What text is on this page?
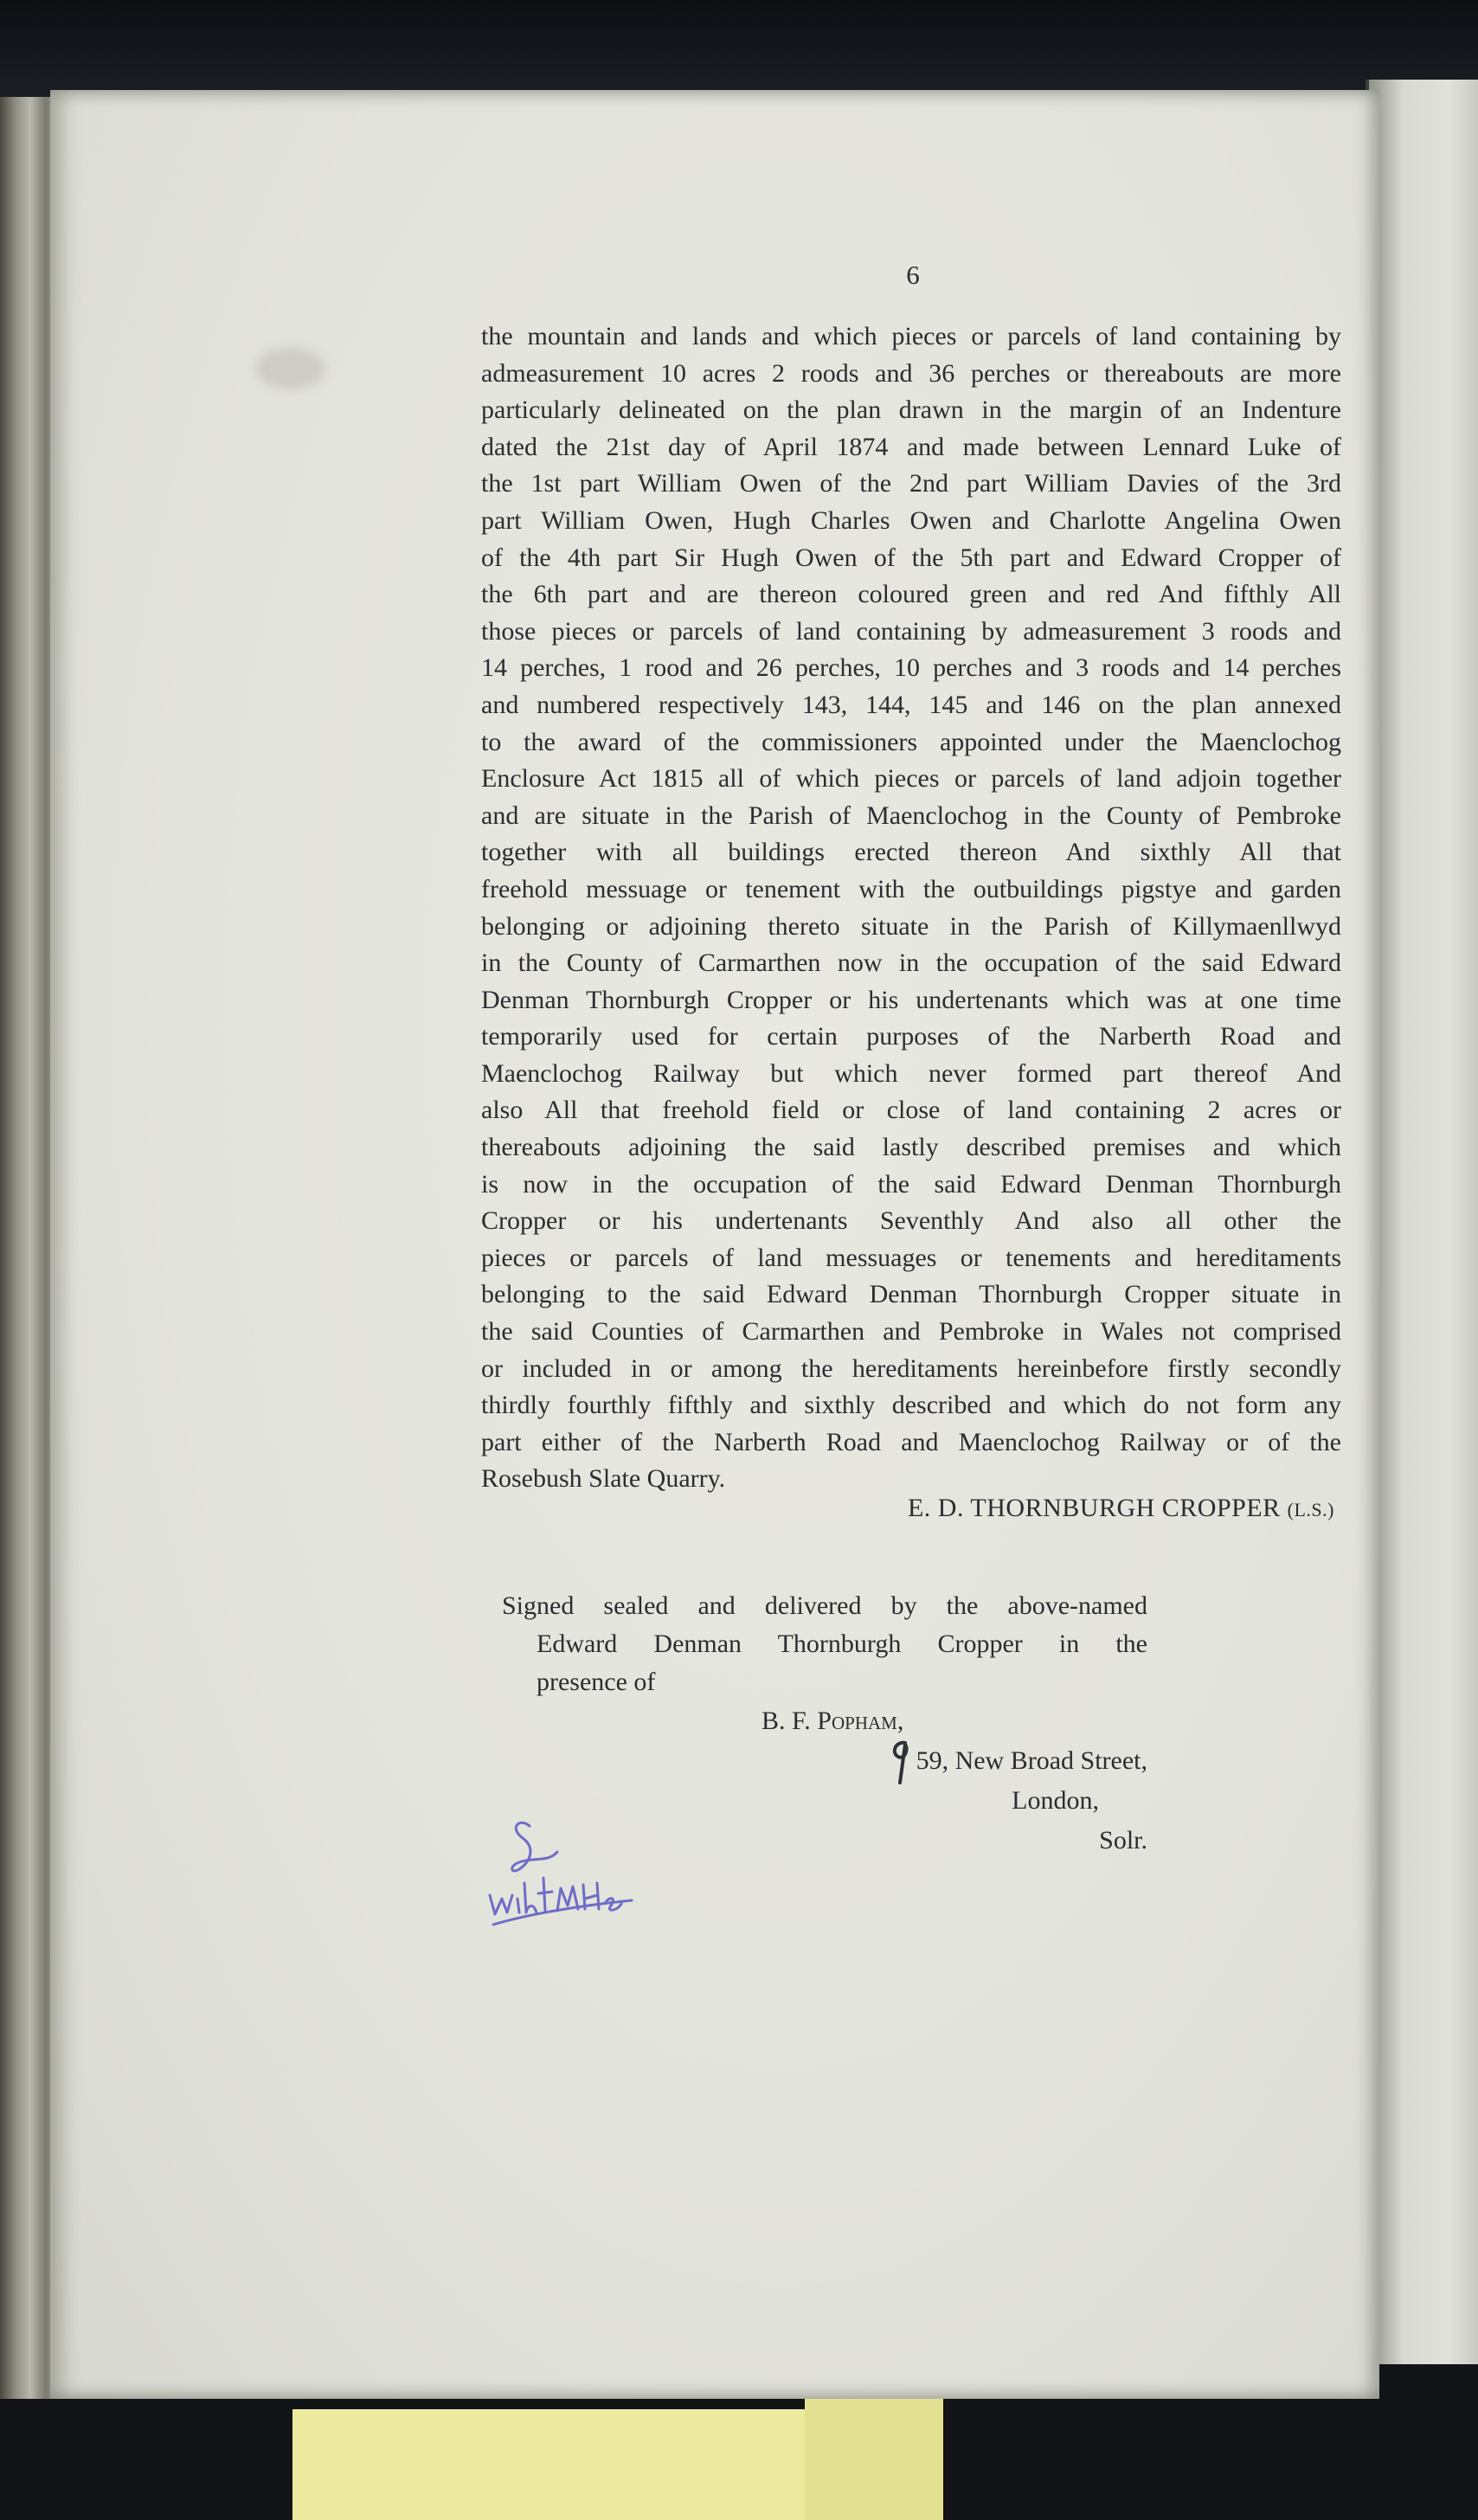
6
the mountain and lands and which pieces or parcels of land containing by
admeasurement 10 acres 2 roods and 36 perches or thereabouts are more
particularly delineated on the plan drawn in the margin of an Indenture
dated the 21st day of April 1874 and made between Lennard Luke of
the 1st part William Owen of the 2nd part William Davies of the 3rd
part William Owen, Hugh Charles Owen and Charlotte Angelina Owen
of the 4th part Sir Hugh Owen of the 5th part and Edward Cropper of
the 6th part and are thereon coloured green and red And fifthly All
those pieces or parcels of land containing by admeasurement 3 roods and
14 perches, 1 rood and 26 perches, 10 perches and 3 roods and 14 perches
and numbered respectively 143, 144, 145 and 146 on the plan annexed
to the award of the commissioners appointed under the Maenclochog
Enclosure Act 1815 all of which pieces or parcels of land adjoin together
and are situate in the Parish of Maenclochog in the County of Pembroke
together with all buildings erected thereon And sixthly All that
freehold messuage or tenement with the outbuildings pigstye and garden
belonging or adjoining thereto situate in the Parish of Killymaenllwyd
in the County of Carmarthen now in the occupation of the said Edward
Denman Thornburgh Cropper or his undertenants which was at one time
temporarily used for certain purposes of the Narberth Road and
Maenclochog Railway but which never formed part thereof And
also All that freehold field or close of land containing 2 acres or
thereabouts adjoining the said lastly described premises and which
is now in the occupation of the said Edward Denman Thornburgh
Cropper or his undertenants Seventhly And also all other the
pieces or parcels of land messuages or tenements and hereditaments
belonging to the said Edward Denman Thornburgh Cropper situate in
the said Counties of Carmarthen and Pembroke in Wales not comprised
or included in or among the hereditaments hereinbefore firstly secondly
thirdly fourthly fifthly and sixthly described and which do not form any
part either of the Narberth Road and Maenclochog Railway or of the
Rosebush Slate Quarry.
E. D. THORNBURGH CROPPER (L.S.)
Signed sealed and delivered by the above-named
Edward Denman Thornburgh Cropper in the
presence of
B. F. Popham,
59, New Broad Street,
London,
Solr.
with MH
